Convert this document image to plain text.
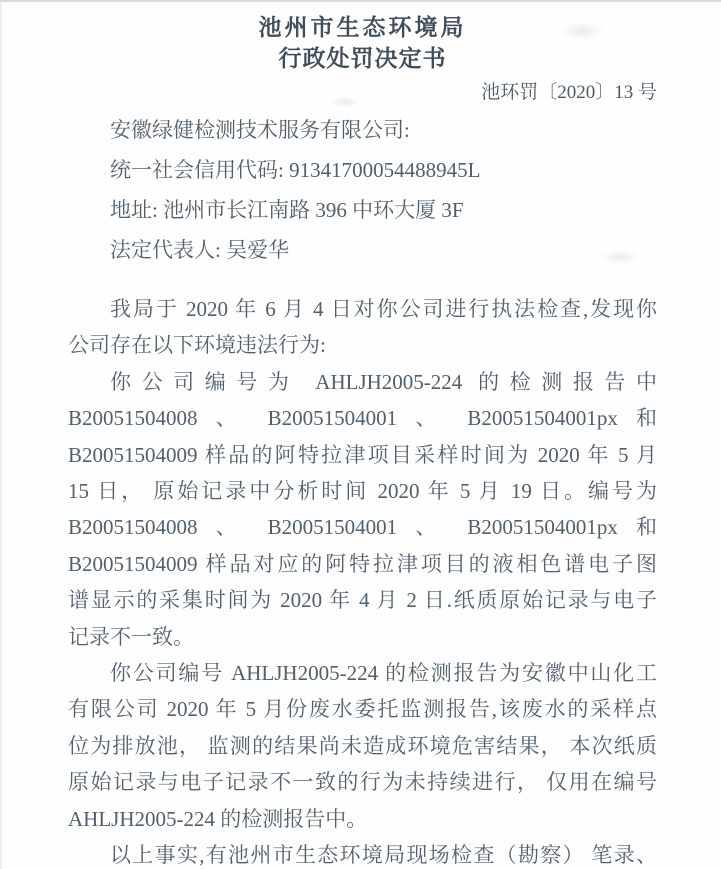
池州市生态环境局
行政处罚决定书
池环罚〔2020〕13 号
安徽绿健检测技术服务有限公司:
统一社会信用代码: 91341700054488945L
地址: 池州市长江南路 396 中环大厦 3F
法定代表人: 吴爱华
我局于 2020 年 6 月 4 日对你公司进行执法检查,发现你
公司存在以下环境违法行为:
你公司编号为 AHLJH2005-224 的检测报告中
B20051504008 、 B20051504001 、 B20051504001px 和
B20051504009 样品的阿特拉津项目采样时间为 2020 年 5 月
15 日， 原始记录中分析时间 2020 年 5 月 19 日。编号为
B20051504008 、 B20051504001 、 B20051504001px 和
B20051504009 样品对应的阿特拉津项目的液相色谱电子图
谱显示的采集时间为 2020 年 4 月 2 日.纸质原始记录与电子
记录不一致。
你公司编号 AHLJH2005-224 的检测报告为安徽中山化工
有限公司 2020 年 5 月份废水委托监测报告,该废水的采样点
位为排放池， 监测的结果尚未造成环境危害结果， 本次纸质
原始记录与电子记录不一致的行为未持续进行， 仅用在编号
AHLJH2005-224 的检测报告中。
以上事实,有池州市生态环境局现场检查（勘察） 笔录、
